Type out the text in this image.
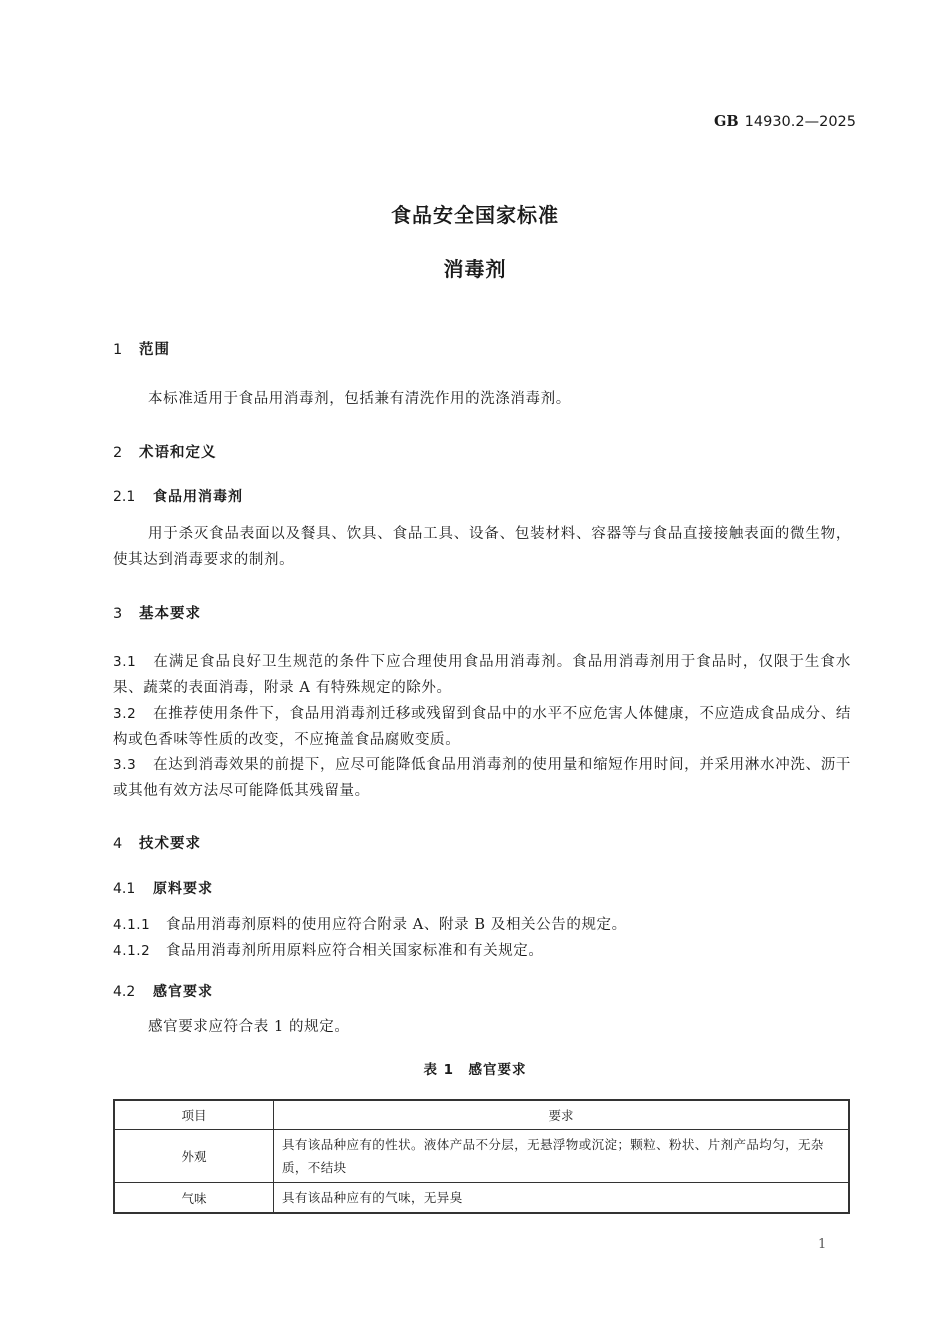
GB 14930.2—2025
食品安全国家标准
消毒剂
1 范围
本标准适用于食品用消毒剂，包括兼有清洗作用的洗涤消毒剂。
2 术语和定义
2.1 食品用消毒剂
用于杀灭食品表面以及餐具、饮具、食品工具、设备、包装材料、容器等与食品直接接触表面的微生物，使其达到消毒要求的制剂。
3 基本要求
3.1 在满足食品良好卫生规范的条件下应合理使用食品用消毒剂。食品用消毒剂用于食品时，仅限于生食水果、蔬菜的表面消毒，附录 A 有特殊规定的除外。
3.2 在推荐使用条件下，食品用消毒剂迁移或残留到食品中的水平不应危害人体健康，不应造成食品成分、结构或色香味等性质的改变，不应掩盖食品腐败变质。
3.3 在达到消毒效果的前提下，应尽可能降低食品用消毒剂的使用量和缩短作用时间，并采用淋水冲洗、沥干或其他有效方法尽可能降低其残留量。
4 技术要求
4.1 原料要求
4.1.1 食品用消毒剂原料的使用应符合附录 A、附录 B 及相关公告的规定。
4.1.2 食品用消毒剂所用原料应符合相关国家标准和有关规定。
4.2 感官要求
感官要求应符合表 1 的规定。
表 1　感官要求
项目	要求
外观	具有该品种应有的性状。液体产品不分层，无悬浮物或沉淀；颗粒、粉状、片剂产品均匀，无杂质，不结块
气味	具有该品种应有的气味，无异臭
1
